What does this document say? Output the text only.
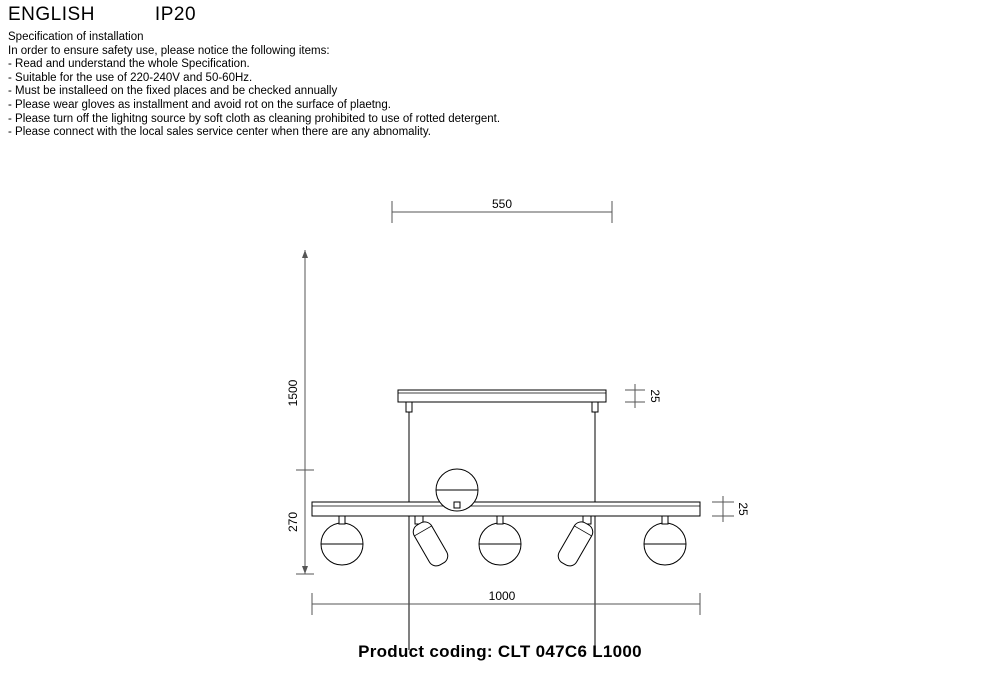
ENGLISH	IP20
Specification of installation
In order to ensure safety use, please notice the following items:
- Read and understand the whole Specification.
- Suitable for the use of 220-240V and 50-60Hz.
- Must be installeed on the fixed places and be checked annually
- Please wear gloves as installment and avoid rot on the surface of plaetng.
- Please turn off the lighitng source by soft cloth as cleaning prohibited to use of rotted detergent.
- Please connect with the local sales service center when there are any abnomality.
550
1000
25
25
1500
270
Product coding: CLT 047C6 L1000
